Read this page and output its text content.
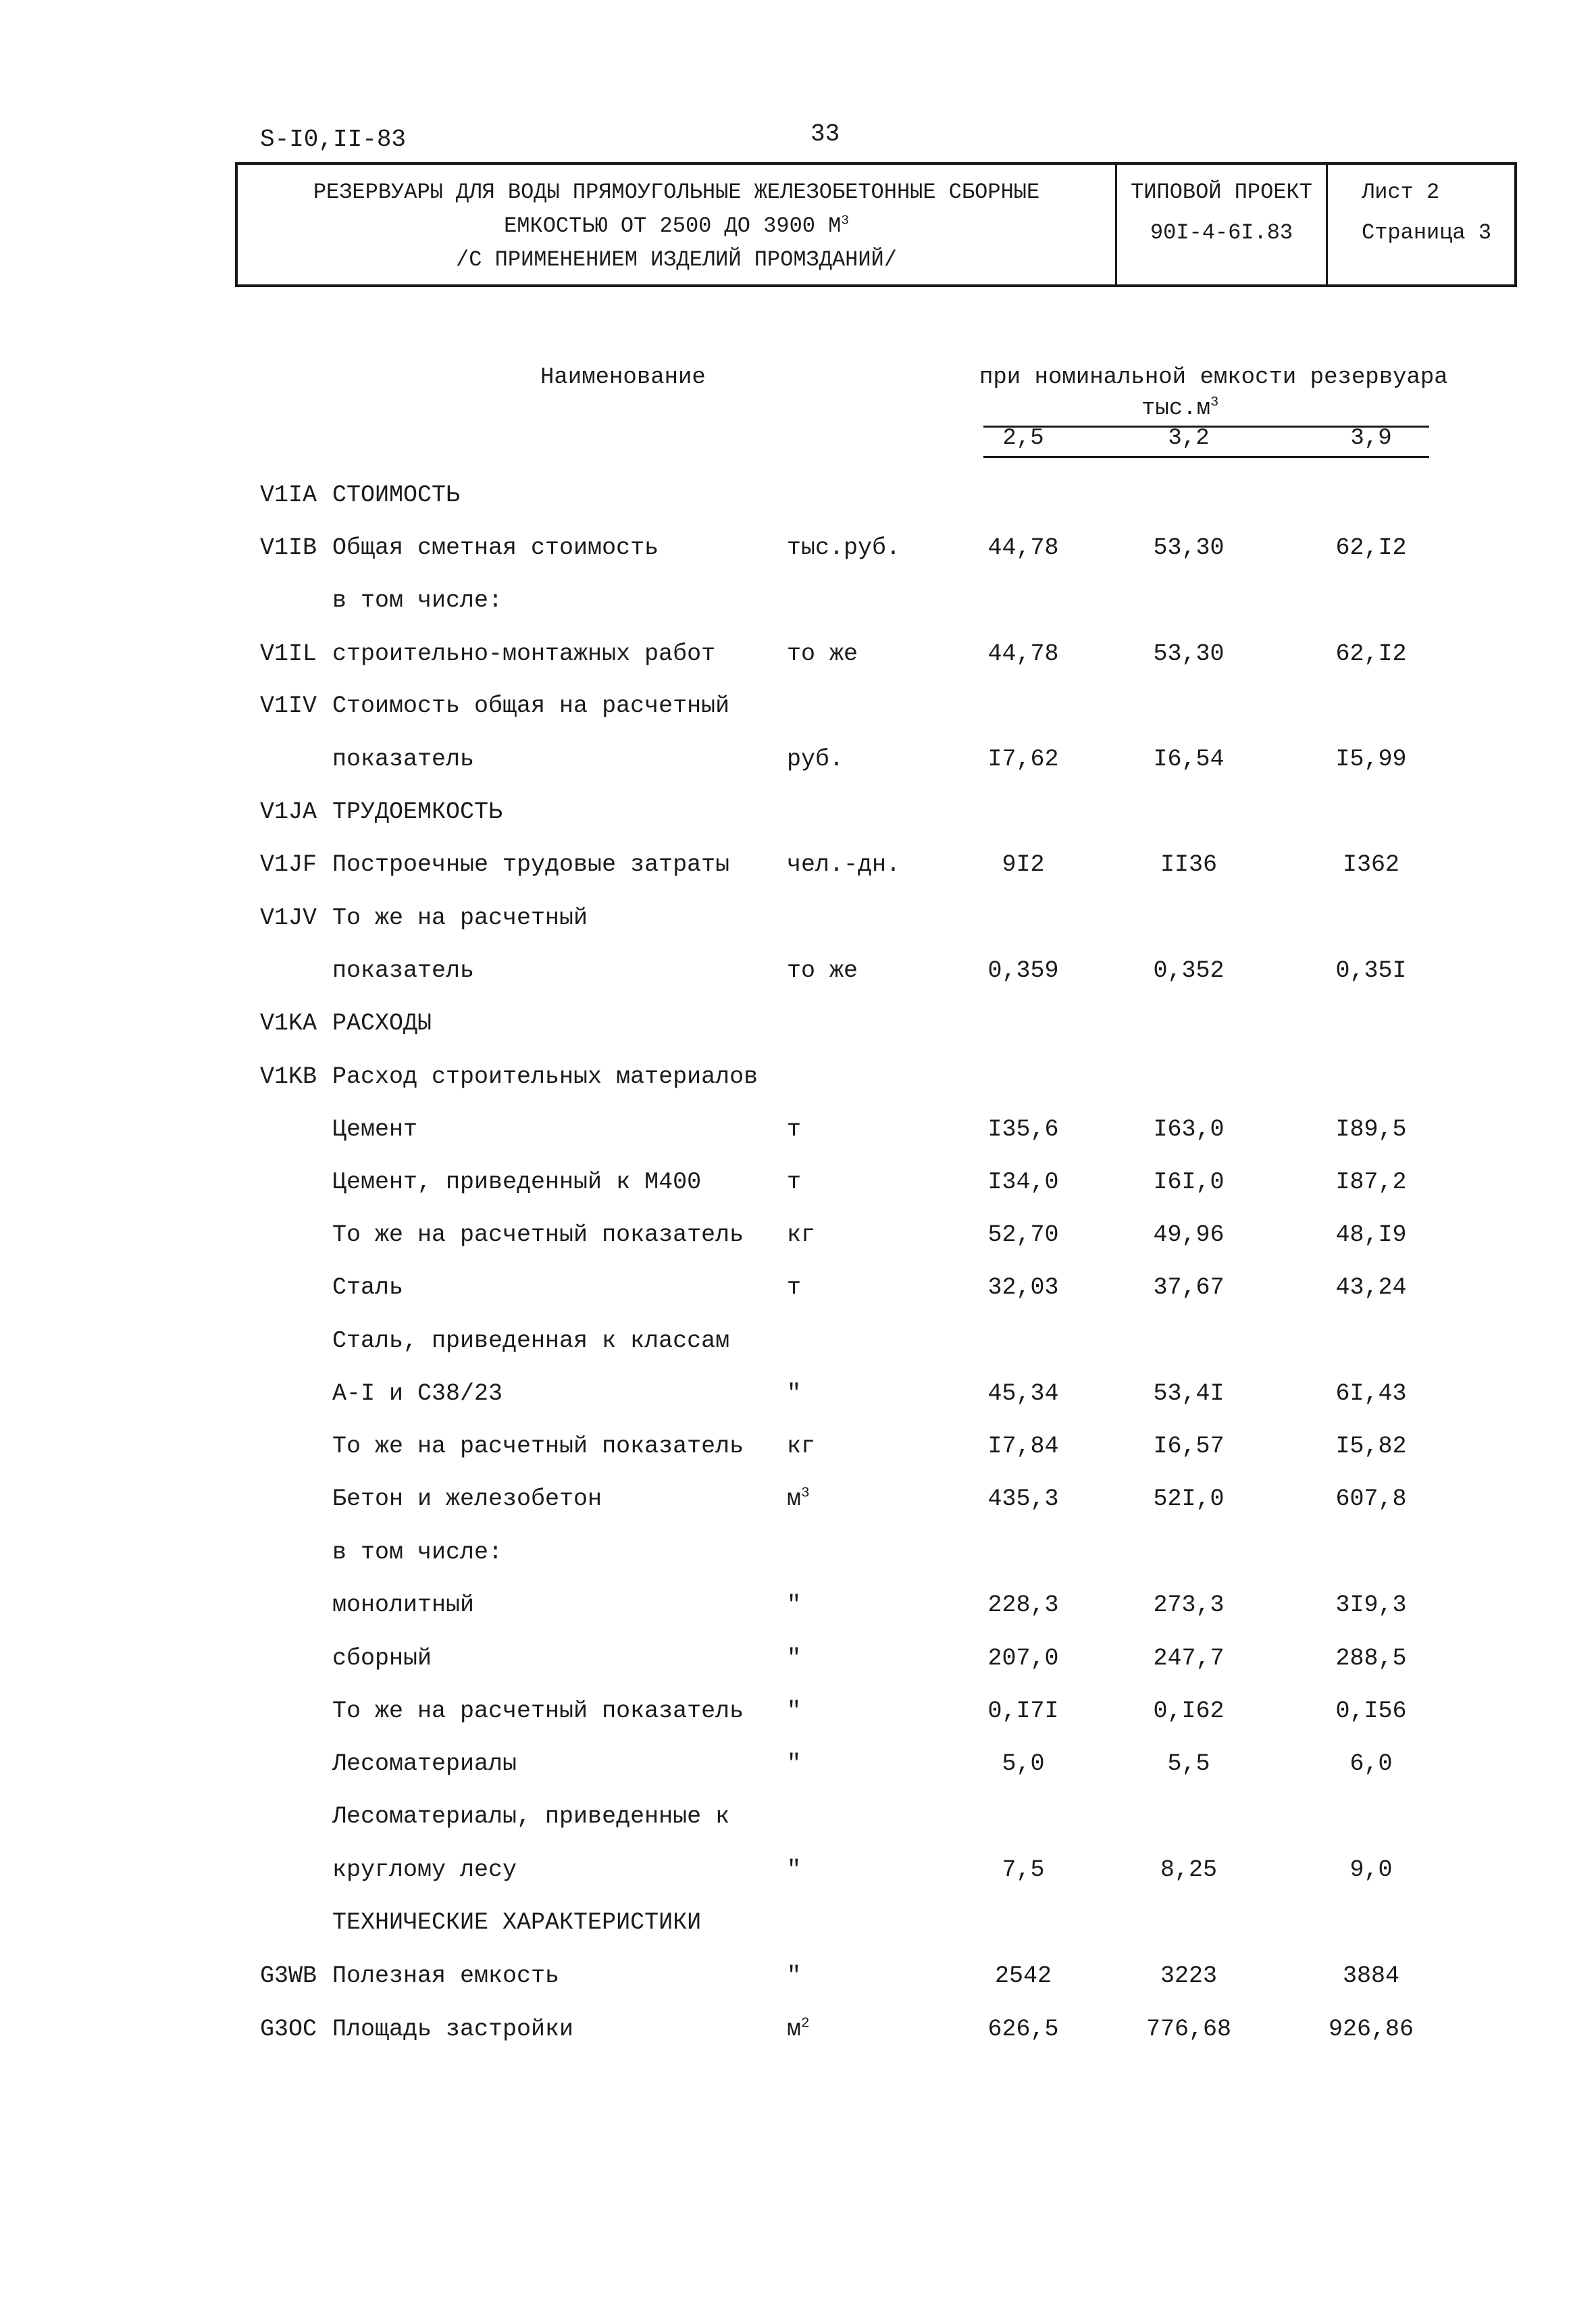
S-I0,II-83	33
РЕЗЕРВУАРЫ ДЛЯ ВОДЫ ПРЯМОУГОЛЬНЫЕ ЖЕЛЕЗОБЕТОННЫЕ СБОРНЫЕ
ЕМКОСТЬЮ ОТ 2500 ДО 3900 $М^3$
/С ПРИМЕНЕНИЕМ ИЗДЕЛИЙ ПРОМЗДАНИЙ/
ТИПОВОЙ ПРОЕКТ
90I-4-6I.83
Лист 2
Страница 3
Наименование	при номинальной емкости резервуара
$тыс.м^3$
2,5	3,2	3,9
V1IA СТОИМОСТЬ
V1IB Общая сметная стоимость	тыс.руб.	44,78	53,30	62,I2
в том числе:
V1IL строительно-монтажных работ	то же	44,78	53,30	62,I2
V1IV Стоимость общая на расчетный
показатель	руб.	I7,62	I6,54	I5,99
V1JA ТРУДОЕМКОСТЬ
V1JF Построечные трудовые затраты чел.-дн.	9I2	II36	I362
V1JV То же на расчетный
показатель	то же	0,359	0,352	0,35I
V1KA РАСХОДЫ
V1KB Расход строительных материалов
Цемент	т	I35,6	I63,0	I89,5
Цемент, приведенный к М400	т	I34,0	I6I,0	I87,2
То же на расчетный показатель кг	52,70	49,96	48,I9
Сталь	т	32,03	37,67	43,24
Сталь, приведенная к классам
А-I и С38/23	"	45,34	53,4I	6I,43
То же на расчетный показатель кг	I7,84	I6,57	I5,82
Бетон и железобетон	$м^3$	435,3	52I,0	607,8
в том числе:
монолитный	"	228,3	273,3	3I9,3
сборный	"	207,0	247,7	288,5
То же на расчетный показатель "	0,I7I	0,I62	0,I56
Лесоматериалы	"	5,0	5,5	6,0
Лесоматериалы, приведенные к
круглому лесу	"	7,5	8,25	9,0
ТЕХНИЧЕСКИЕ ХАРАКТЕРИСТИКИ
G3WB Полезная емкость	"	2542	3223	3884
G3OC Площадь застройки	$м^2$	626,5	776,68	926,86
